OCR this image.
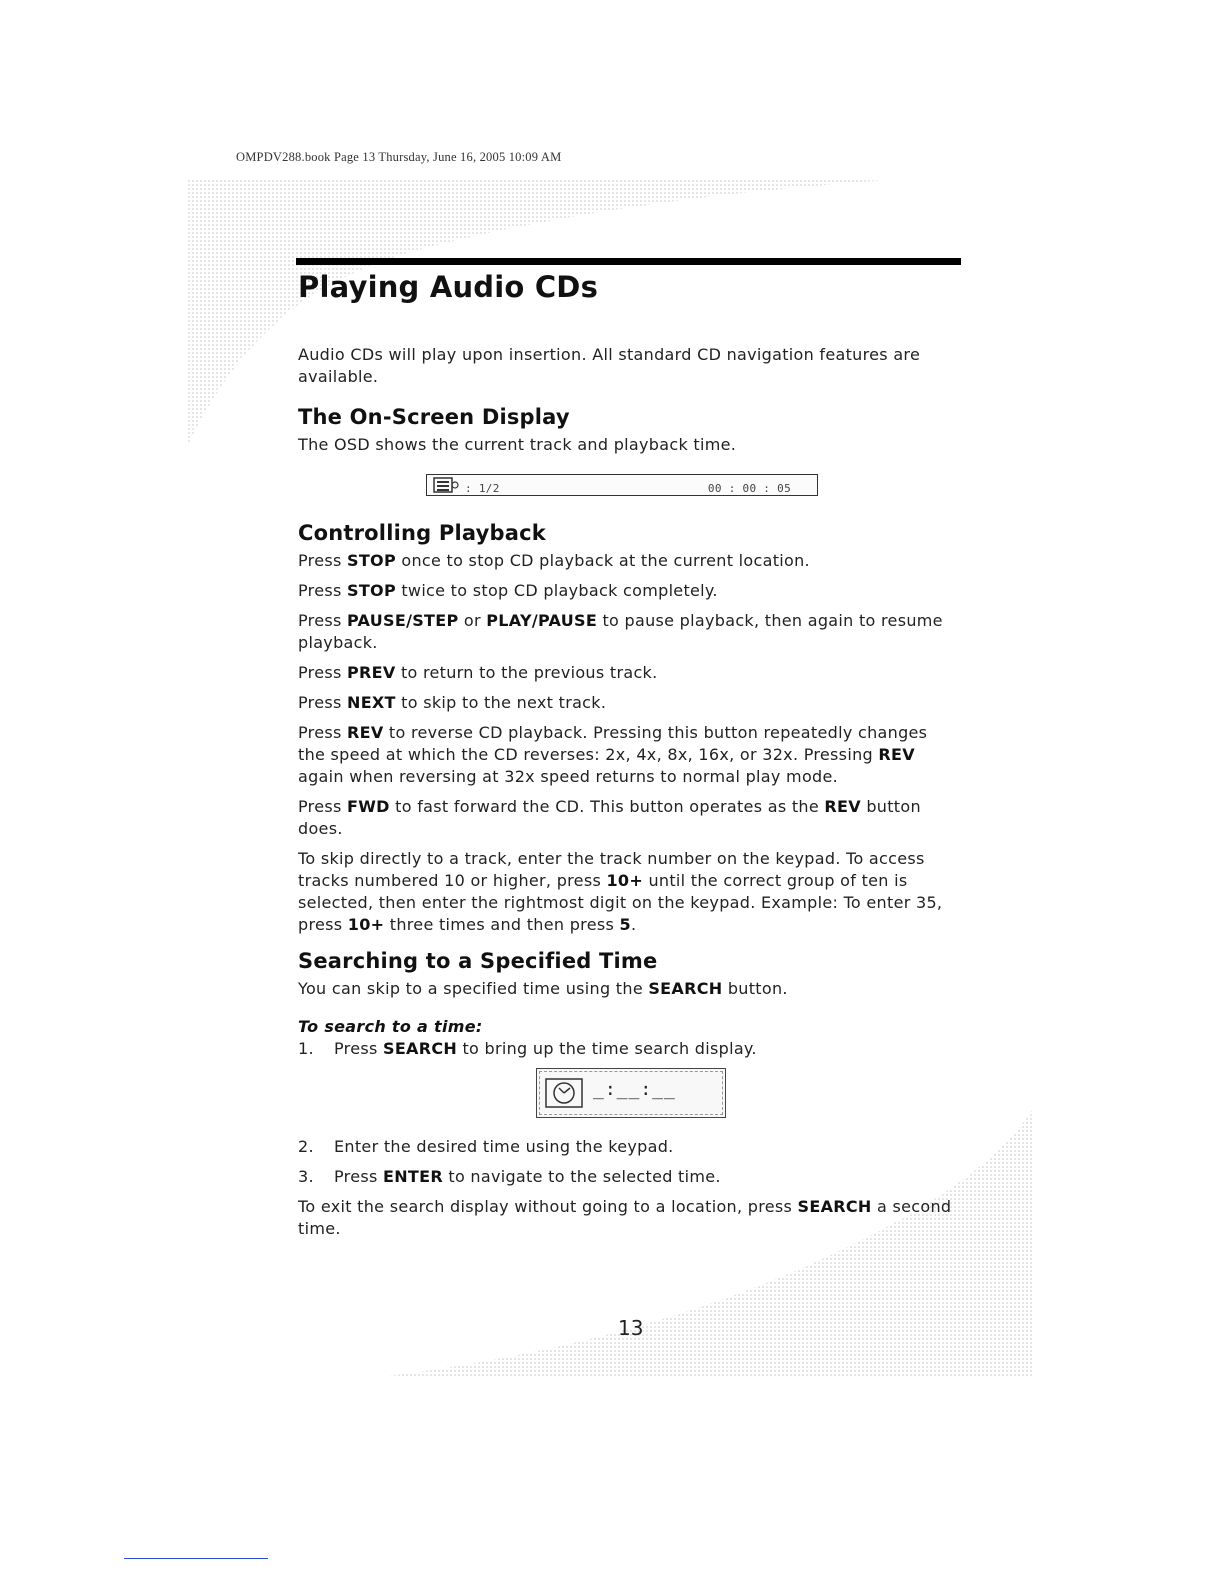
OMPDV288.book Page 13 Thursday, June 16, 2005 10:09 AM
Playing Audio CDs

Audio CDs will play upon insertion. All standard CD navigation features are available.

The On-Screen Display

The OSD shows the current track and playback time.

: 1/2	00 : 00 : 05
Controlling Playback

Press STOP once to stop CD playback at the current location.

Press STOP twice to stop CD playback completely.

Press PAUSE/STEP or PLAY/PAUSE to pause playback, then again to resume playback.

Press PREV to return to the previous track.

Press NEXT to skip to the next track.

Press REV to reverse CD playback. Pressing this button repeatedly changes the speed at which the CD reverses: 2x, 4x, 8x, 16x, or 32x. Pressing REV again when reversing at 32x speed returns to normal play mode.

Press FWD to fast forward the CD. This button operates as the REV button does.

To skip directly to a track, enter the track number on the keypad. To access tracks numbered 10 or higher, press 10+ until the correct group of ten is selected, then enter the rightmost digit on the keypad. Example: To enter 35, press 10+ three times and then press 5.

Searching to a Specified Time

You can skip to a specified time using the SEARCH button.

To search to a time:

1.	Press SEARCH to bring up the time search display.
_:__:__
2.	Enter the desired time using the keypad.
3.	Press ENTER to navigate to the selected time.

To exit the search display without going to a location, press SEARCH a second time.

13
